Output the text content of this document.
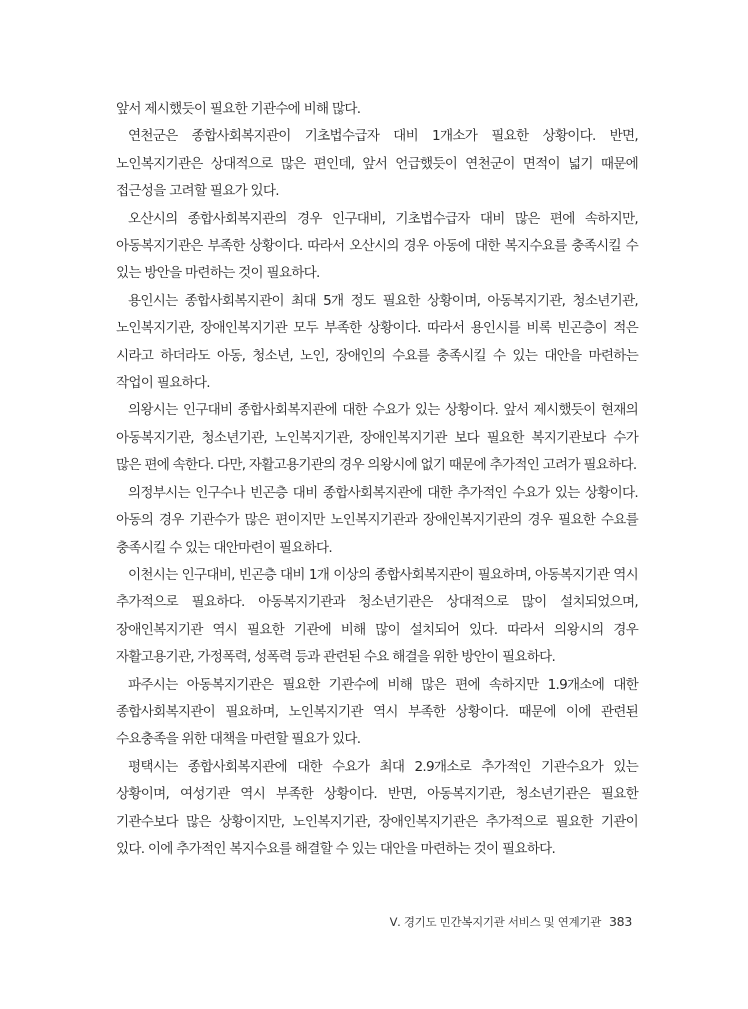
앞서 제시했듯이 필요한 기관수에 비해 많다.

연천군은 종합사회복지관이 기초법수급자 대비 1개소가 필요한 상황이다. 반면, 노인복지기관은 상대적으로 많은 편인데, 앞서 언급했듯이 연천군이 면적이 넓기 때문에 접근성을 고려할 필요가 있다.

오산시의 종합사회복지관의 경우 인구대비, 기초법수급자 대비 많은 편에 속하지만, 아동복지기관은 부족한 상황이다. 따라서 오산시의 경우 아동에 대한 복지수요를 충족시킬 수 있는 방안을 마련하는 것이 필요하다.

용인시는 종합사회복지관이 최대 5개 정도 필요한 상황이며, 아동복지기관, 청소년기관, 노인복지기관, 장애인복지기관 모두 부족한 상황이다. 따라서 용인시를 비록 빈곤층이 적은 시라고 하더라도 아동, 청소년, 노인, 장애인의 수요를 충족시킬 수 있는 대안을 마련하는 작업이 필요하다.

의왕시는 인구대비 종합사회복지관에 대한 수요가 있는 상황이다. 앞서 제시했듯이 현재의 아동복지기관, 청소년기관, 노인복지기관, 장애인복지기관 보다 필요한 복지기관보다 수가 많은 편에 속한다. 다만, 자활고용기관의 경우 의왕시에 없기 때문에 추가적인 고려가 필요하다.

의정부시는 인구수나 빈곤층 대비 종합사회복지관에 대한 추가적인 수요가 있는 상황이다. 아동의 경우 기관수가 많은 편이지만 노인복지기관과 장애인복지기관의 경우 필요한 수요를 충족시킬 수 있는 대안마련이 필요하다.

이천시는 인구대비, 빈곤층 대비 1개 이상의 종합사회복지관이 필요하며, 아동복지기관 역시 추가적으로 필요하다. 아동복지기관과 청소년기관은 상대적으로 많이 설치되었으며, 장애인복지기관 역시 필요한 기관에 비해 많이 설치되어 있다. 따라서 의왕시의 경우 자활고용기관, 가정폭력, 성폭력 등과 관련된 수요 해결을 위한 방안이 필요하다.

파주시는 아동복지기관은 필요한 기관수에 비해 많은 편에 속하지만 1.9개소에 대한 종합사회복지관이 필요하며, 노인복지기관 역시 부족한 상황이다. 때문에 이에 관련된 수요충족을 위한 대책을 마련할 필요가 있다.

평택시는 종합사회복지관에 대한 수요가 최대 2.9개소로 추가적인 기관수요가 있는 상황이며, 여성기관 역시 부족한 상황이다. 반면, 아동복지기관, 청소년기관은 필요한 기관수보다 많은 상황이지만, 노인복지기관, 장애인복지기관은 추가적으로 필요한 기관이 있다. 이에 추가적인 복지수요를 해결할 수 있는 대안을 마련하는 것이 필요하다.

Ⅴ. 경기도 민간복지기관 서비스 및 연계기관 383
